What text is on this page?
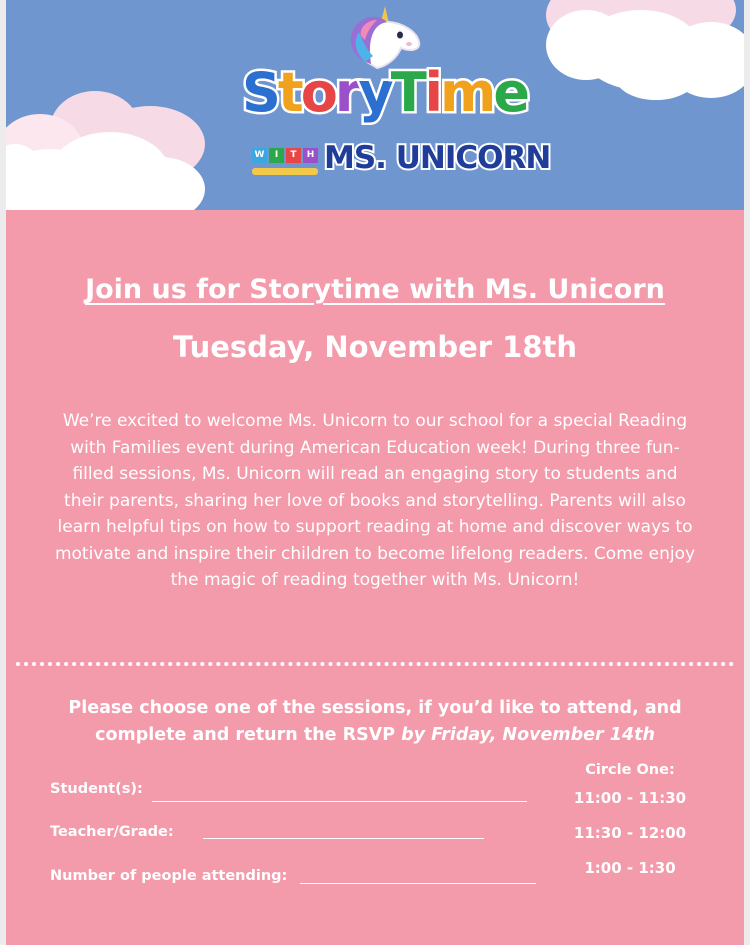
StoryTime
W	I	T	H MS. UNICORN
Join us for Storytime with Ms. Unicorn
Tuesday, November 18th
We’re excited to welcome Ms. Unicorn to our school for a special Reading with Families event during American Education week! During three fun-filled sessions, Ms. Unicorn will read an engaging story to students and their parents, sharing her love of books and storytelling. Parents will also learn helpful tips on how to support reading at home and discover ways to motivate and inspire their children to become lifelong readers. Come enjoy the magic of reading together with Ms. Unicorn!
Please choose one of the sessions, if you’d like to attend, and complete and return the RSVP by Friday, November 14th
Student(s):
Teacher/Grade:
Number of people attending:
Circle One:
11:00 - 11:30
11:30 - 12:00
1:00 - 1:30
